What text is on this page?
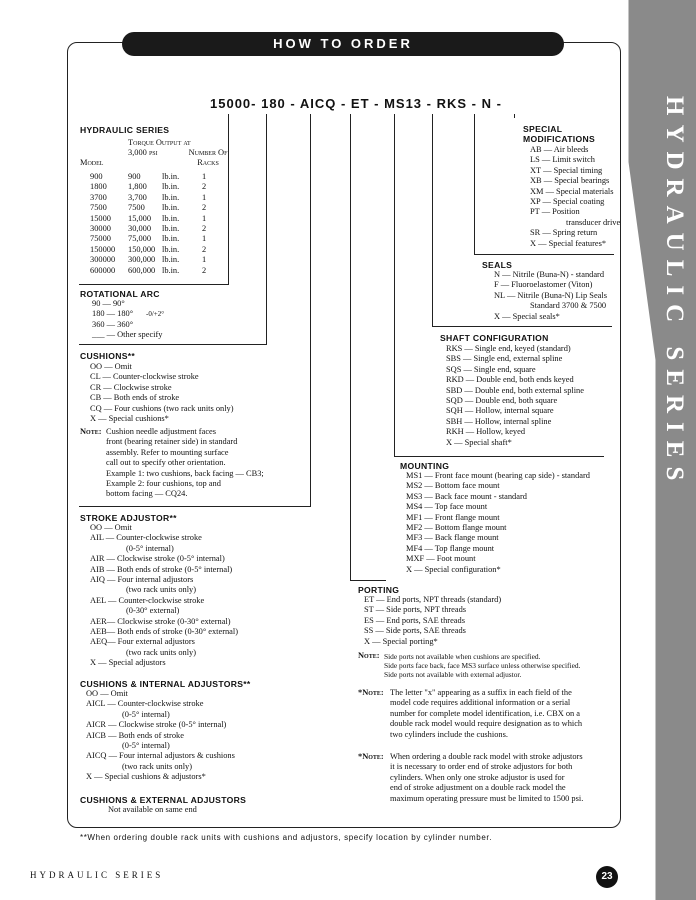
HYDRAULIC SERIES
HOW TO ORDER
15000- 180 - AICQ - ET - MS13 - RKS - N -
HYDRAULIC SERIES
Model
Torque Output at 3,000 psi	Number Of Racks
900	900	lb.in.	1
1800	1,800 lb.in.	2
3700	3,700 lb.in.	1
7500	7500 lb.in.	2
15000 15,000 lb.in.	1
30000 30,000 lb.in.	2
75000 75,000 lb.in.	1
150000 150,000 lb.in.	2
300000 300,000 lb.in.	1
600000 600,000 lb.in.	2
ROTATIONAL ARC
90 — 90°
180 — 180°
360 — 360°
___ — Other specify
-0/+2°
CUSHIONS**
OO — Omit
CL — Counter-clockwise stroke
CR — Clockwise stroke
CB — Both ends of stroke
CQ — Four cushions (two rack units only)
X — Special cushions*
Note: Cushion needle adjustment faces
front (bearing retainer side) in standard
assembly. Refer to mounting surface
call out to specify other orientation.
Example 1: two cushions, back facing — CB3;
Example 2: four cushions, top and
bottom facing — CQ24.
STROKE ADJUSTOR**
OO — Omit
AIL — Counter-clockwise stroke
(0-5° internal)
AIR — Clockwise stroke (0-5° internal)
AIB — Both ends of stroke (0-5° internal)
AIQ — Four internal adjustors
(two rack units only)
AEL — Counter-clockwise stroke
(0-30° external)
AER— Clockwise stroke (0-30° external)
AEB— Both ends of stroke (0-30° external)
AEQ— Four external adjustors
(two rack units only)
X — Special adjustors
CUSHIONS & INTERNAL ADJUSTORS**
OO — Omit
AICL — Counter-clockwise stroke
(0-5° internal)
AICR — Clockwise stroke (0-5° internal)
AICB — Both ends of stroke
(0-5° internal)
AICQ — Four internal adjustors & cushions
(two rack units only)
X — Special cushions & adjustors*
CUSHIONS & EXTERNAL ADJUSTORS
Not available on same end
SPECIAL MODIFICATIONS
AB — Air bleeds
LS — Limit switch
XT — Special timing
XB — Special bearings
XM — Special materials
XP — Special coating
PT — Position
transducer drive
SR — Spring return
X — Special features*
SEALS
N — Nitrile (Buna-N) - standard
F — Fluoroelastomer (Viton)
NL — Nitrile (Buna-N) Lip Seals
Standard 3700 & 7500
X — Special seals*
SHAFT CONFIGURATION
RKS — Single end, keyed (standard)
SBS — Single end, external spline
SQS — Single end, square
RKD — Double end, both ends keyed
SBD — Double end, both external spline
SQD — Double end, both square
SQH — Hollow, internal square
SBH — Hollow, internal spline
RKH — Hollow, keyed
X — Special shaft*
MOUNTING
MS1 — Front face mount (bearing cap side) - standard
MS2 — Bottom face mount
MS3 — Back face mount - standard
MS4 — Top face mount
MF1 — Front flange mount
MF2 — Bottom flange mount
MF3 — Back flange mount
MF4 — Top flange mount
MXF — Foot mount
X — Special configuration*
PORTING
ET — End ports, NPT threads (standard)
ST — Side ports, NPT threads
ES — End ports, SAE threads
SS — Side ports, SAE threads
X — Special porting*
Note: Side ports not available when cushions are specified.
Side ports face back, face MS3 surface unless otherwise specified.
Side ports not available with external adjustor.
*Note: The letter "x" appearing as a suffix in each field of the
model code requires additional information or a serial
number for complete model identification, i.e. CBX on a
double rack model would require designation as to which
two cylinders include the cushions.
*Note: When ordering a double rack model with stroke adjustors
it is necessary to order end of stroke adjustors for both
cylinders. When only one stroke adjustor is used for
end of stroke adjustment on a double rack model the
maximum operating pressure must be limited to 1500 psi.
**When ordering double rack units with cushions and adjustors, specify location by cylinder number.
HYDRAULIC SERIES	23
